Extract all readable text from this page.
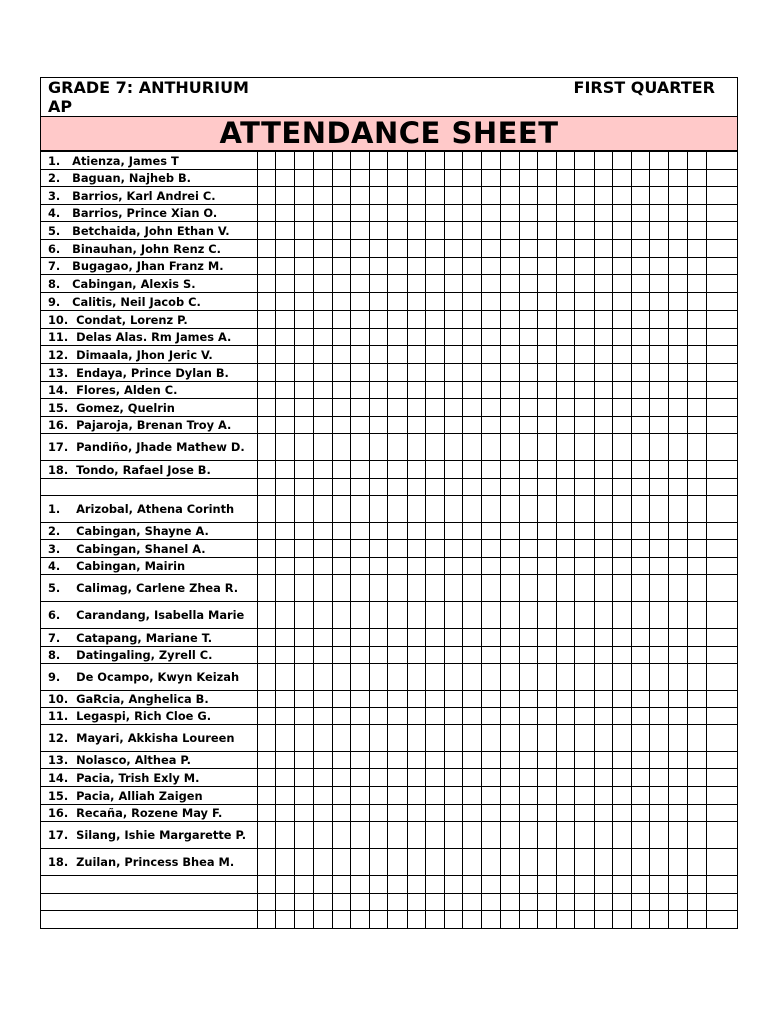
GRADE 7: ANTHURIUM
AP
FIRST QUARTER
ATTENDANCE SHEET
1.   Atienza, James T																									
2.   Baguan, Najheb B.																									
3.   Barrios, Karl Andrei C.																									
4.   Barrios, Prince Xian O.																									
5.   Betchaida, John Ethan V.																									
6.   Binauhan, John Renz C.																									
7.   Bugagao, Jhan Franz M.																									
8.   Cabingan, Alexis S.																									
9.   Calitis, Neil Jacob C.																									
10.  Condat, Lorenz P.																									
11.  Delas Alas. Rm James A.																									
12.  Dimaala, Jhon Jeric V.																									
13.  Endaya, Prince Dylan B.																									
14.  Flores, Alden C.																									
15.  Gomez, Quelrin																									
16.  Pajaroja, Brenan Troy A.																									
17.  Pandiño, Jhade Mathew D.																									
18.  Tondo, Rafael Jose B.																									

1.    Arizobal, Athena Corinth																									
2.    Cabingan, Shayne A.																									
3.    Cabingan, Shanel A.																									
4.    Cabingan, Mairin																									
5.    Calimag, Carlene Zhea R.																									
6.    Carandang, Isabella Marie																									
7.    Catapang, Mariane T.																									
8.    Datingaling, Zyrell C.																									
9.    De Ocampo, Kwyn Keizah																									
10.  GaRcia, Anghelica B.																									
11.  Legaspi, Rich Cloe G.																									
12.  Mayari, Akkisha Loureen																									
13.  Nolasco, Althea P.																									
14.  Pacia, Trish Exly M.																									
15.  Pacia, Alliah Zaigen																									
16.  Recaña, Rozene May F.																									
17.  Silang, Ishie Margarette P.																									
18.  Zuilan, Princess Bhea M.																									
